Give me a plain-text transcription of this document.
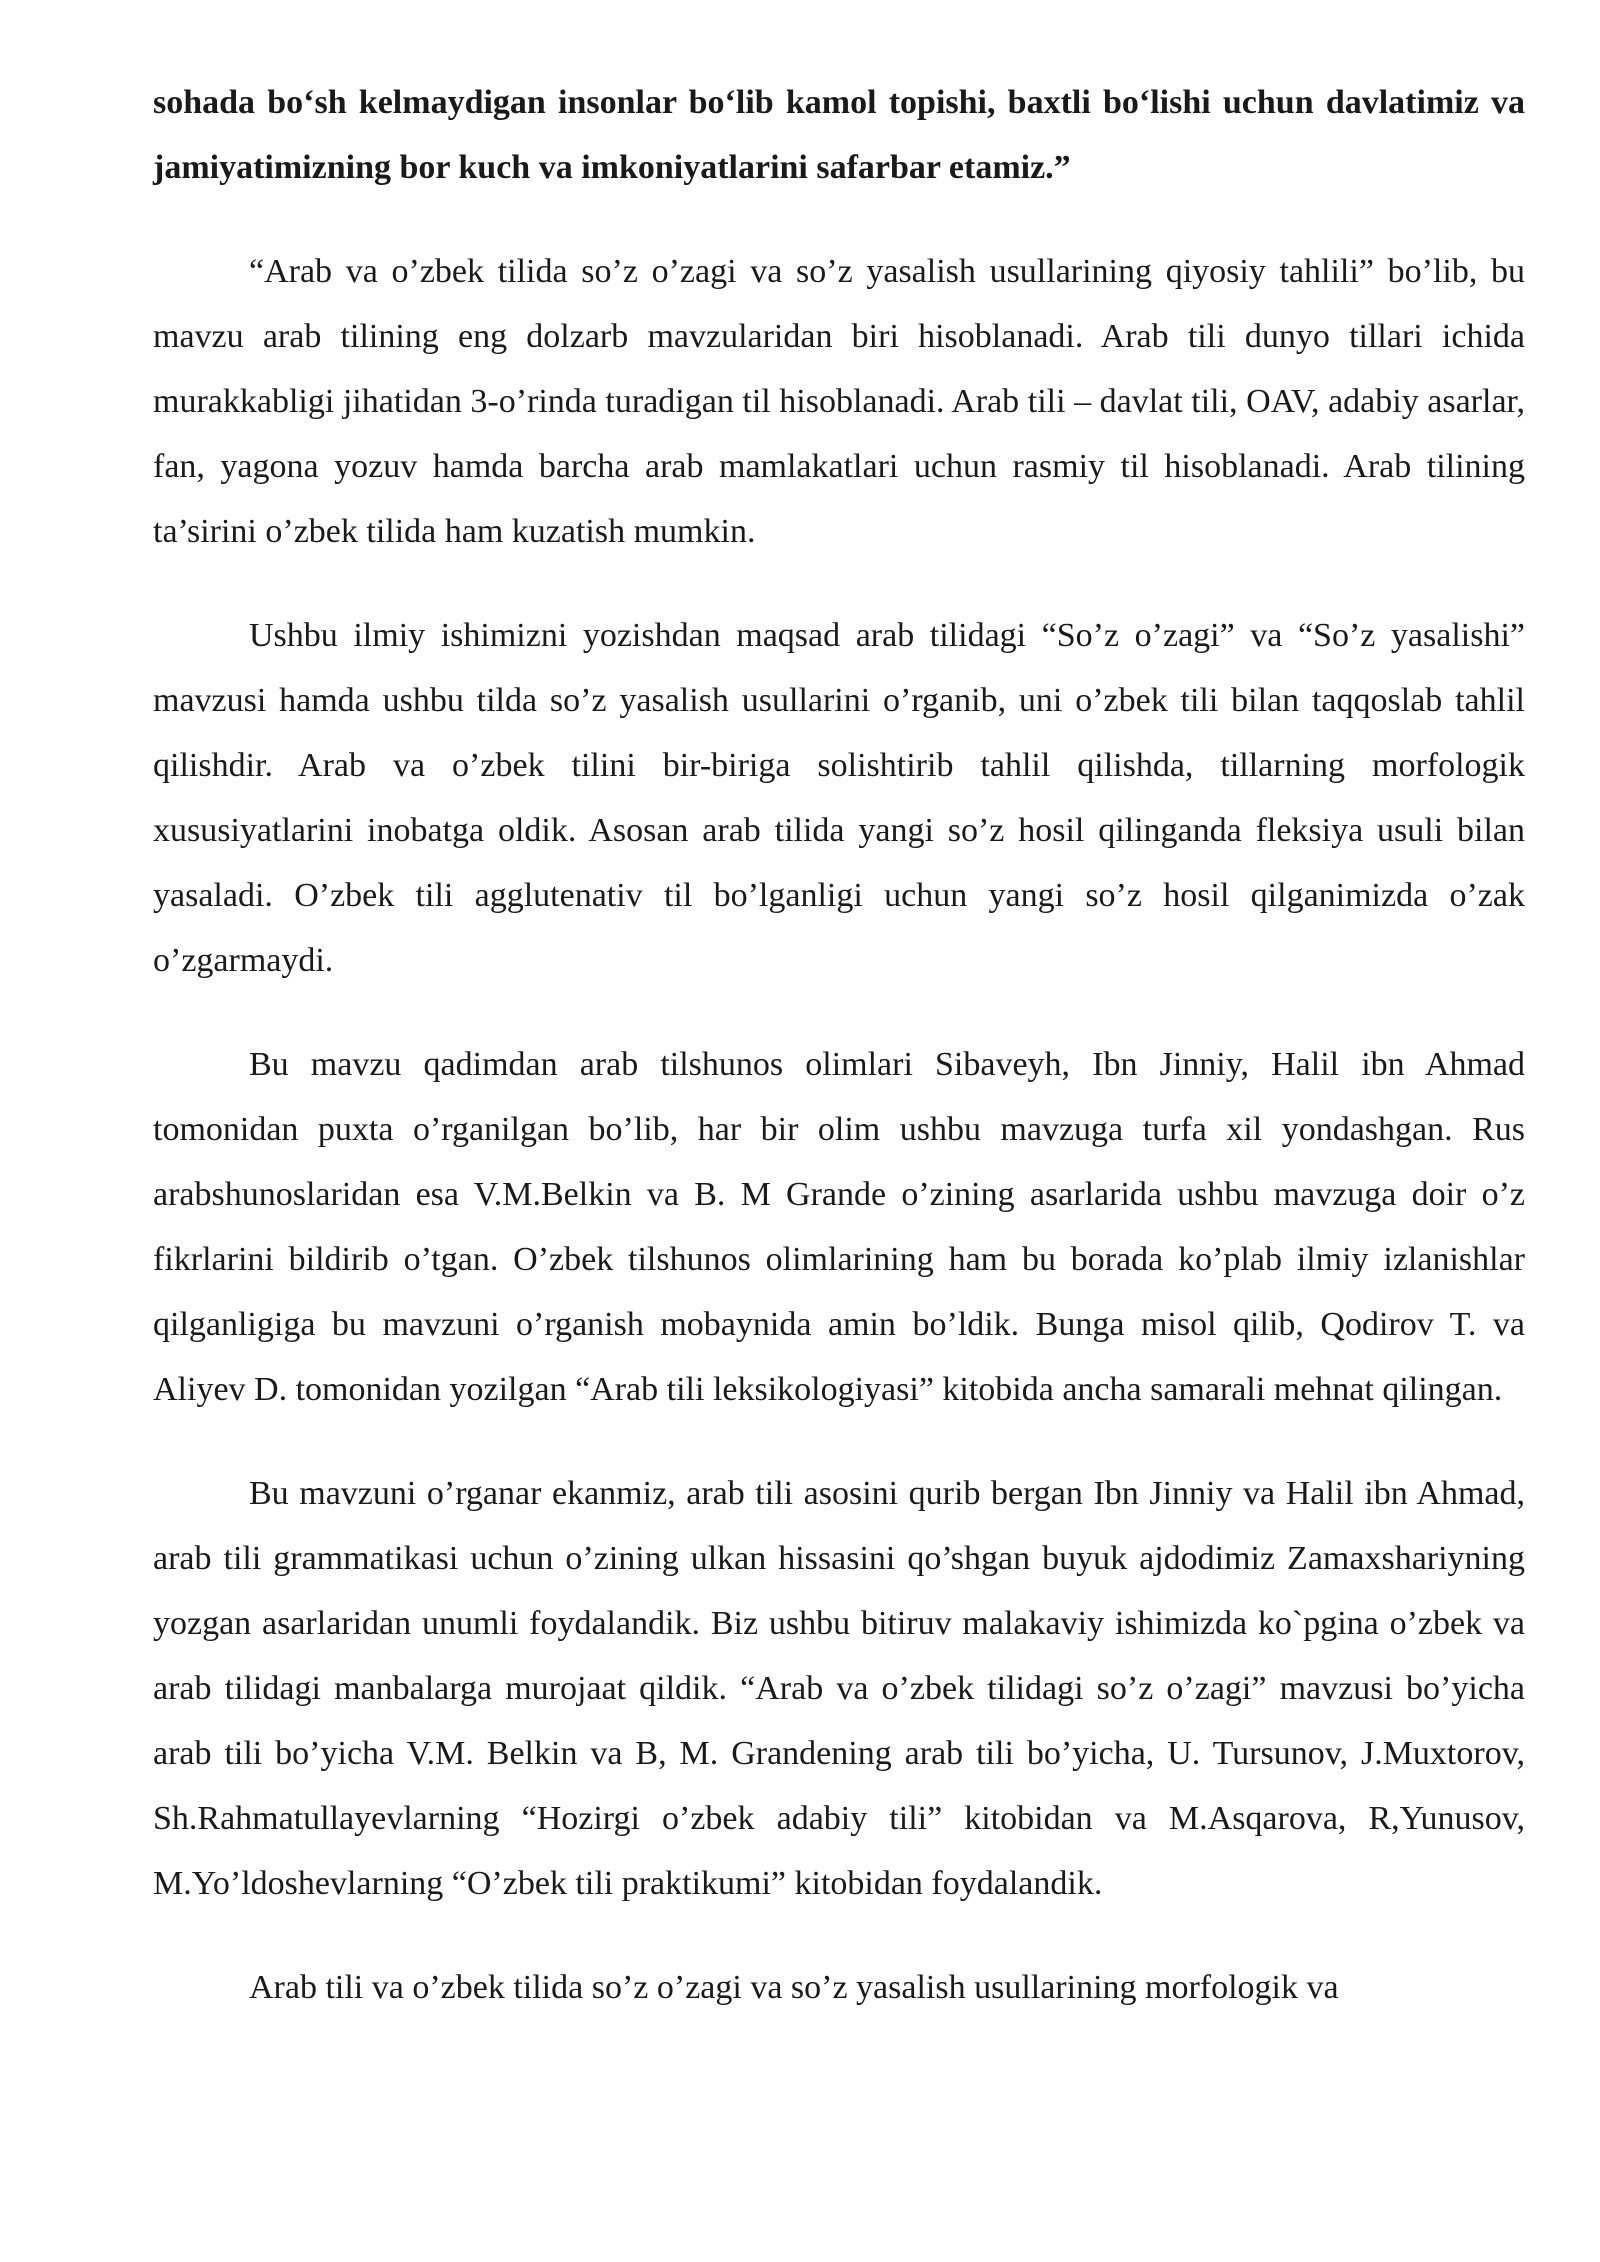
sohada bo‘sh kelmaydigan insonlar bo‘lib kamol topishi, baxtli bo‘lishi uchun davlatimiz va jamiyatimizning bor kuch va imkoniyatlarini safarbar etamiz.”

“Arab va o’zbek tilida so’z o’zagi va so’z yasalish usullarining qiyosiy tahlili” bo’lib, bu mavzu arab tilining eng dolzarb mavzularidan biri hisoblanadi. Arab tili dunyo tillari ichida murakkabligi jihatidan 3-o’rinda turadigan til hisoblanadi. Arab tili – davlat tili, OAV, adabiy asarlar, fan, yagona yozuv hamda barcha arab mamlakatlari uchun rasmiy til hisoblanadi. Arab tilining ta’sirini o’zbek tilida ham kuzatish mumkin.

Ushbu ilmiy ishimizni yozishdan maqsad arab tilidagi “So’z o’zagi” va “So’z yasalishi” mavzusi hamda ushbu tilda so’z yasalish usullarini o’rganib, uni o’zbek tili bilan taqqoslab tahlil qilishdir. Arab va o’zbek tilini bir-biriga solishtirib tahlil qilishda, tillarning morfologik xususiyatlarini inobatga oldik. Asosan arab tilida yangi so’z hosil qilinganda fleksiya usuli bilan yasaladi. O’zbek tili agglutenativ til bo’lganligi uchun yangi so’z hosil qilganimizda o’zak o’zgarmaydi.

Bu mavzu qadimdan arab tilshunos olimlari Sibaveyh, Ibn Jinniy, Halil ibn Ahmad tomonidan puxta o’rganilgan bo’lib, har bir olim ushbu mavzuga turfa xil yondashgan. Rus arabshunoslaridan esa V.M.Belkin va B. M Grande o’zining asarlarida ushbu mavzuga doir o’z fikrlarini bildirib o’tgan. O’zbek tilshunos olimlarining ham bu borada ko’plab ilmiy izlanishlar qilganligiga bu mavzuni o’rganish mobaynida amin bo’ldik. Bunga misol qilib, Qodirov T. va Aliyev D. tomonidan yozilgan “Arab tili leksikologiyasi” kitobida ancha samarali mehnat qilingan.

Bu mavzuni o’rganar ekanmiz, arab tili asosini qurib bergan Ibn Jinniy va Halil ibn Ahmad, arab tili grammatikasi uchun o’zining ulkan hissasini qo’shgan buyuk ajdodimiz Zamaxshariyning yozgan asarlaridan unumli foydalandik. Biz ushbu bitiruv malakaviy ishimizda ko`pgina o’zbek va arab tilidagi manbalarga murojaat qildik. “Arab va o’zbek tilidagi so’z o’zagi” mavzusi bo’yicha arab tili bo’yicha V.M. Belkin va B, M. Grandening arab tili bo’yicha, U. Tursunov, J.Muxtorov, Sh.Rahmatullayevlarning “Hozirgi o’zbek adabiy tili” kitobidan va M.Asqarova, R,Yunusov, M.Yo’ldoshevlarning “O’zbek tili praktikumi” kitobidan foydalandik.

Arab tili va o’zbek tilida so’z o’zagi va so’z yasalish usullarining morfologik va
